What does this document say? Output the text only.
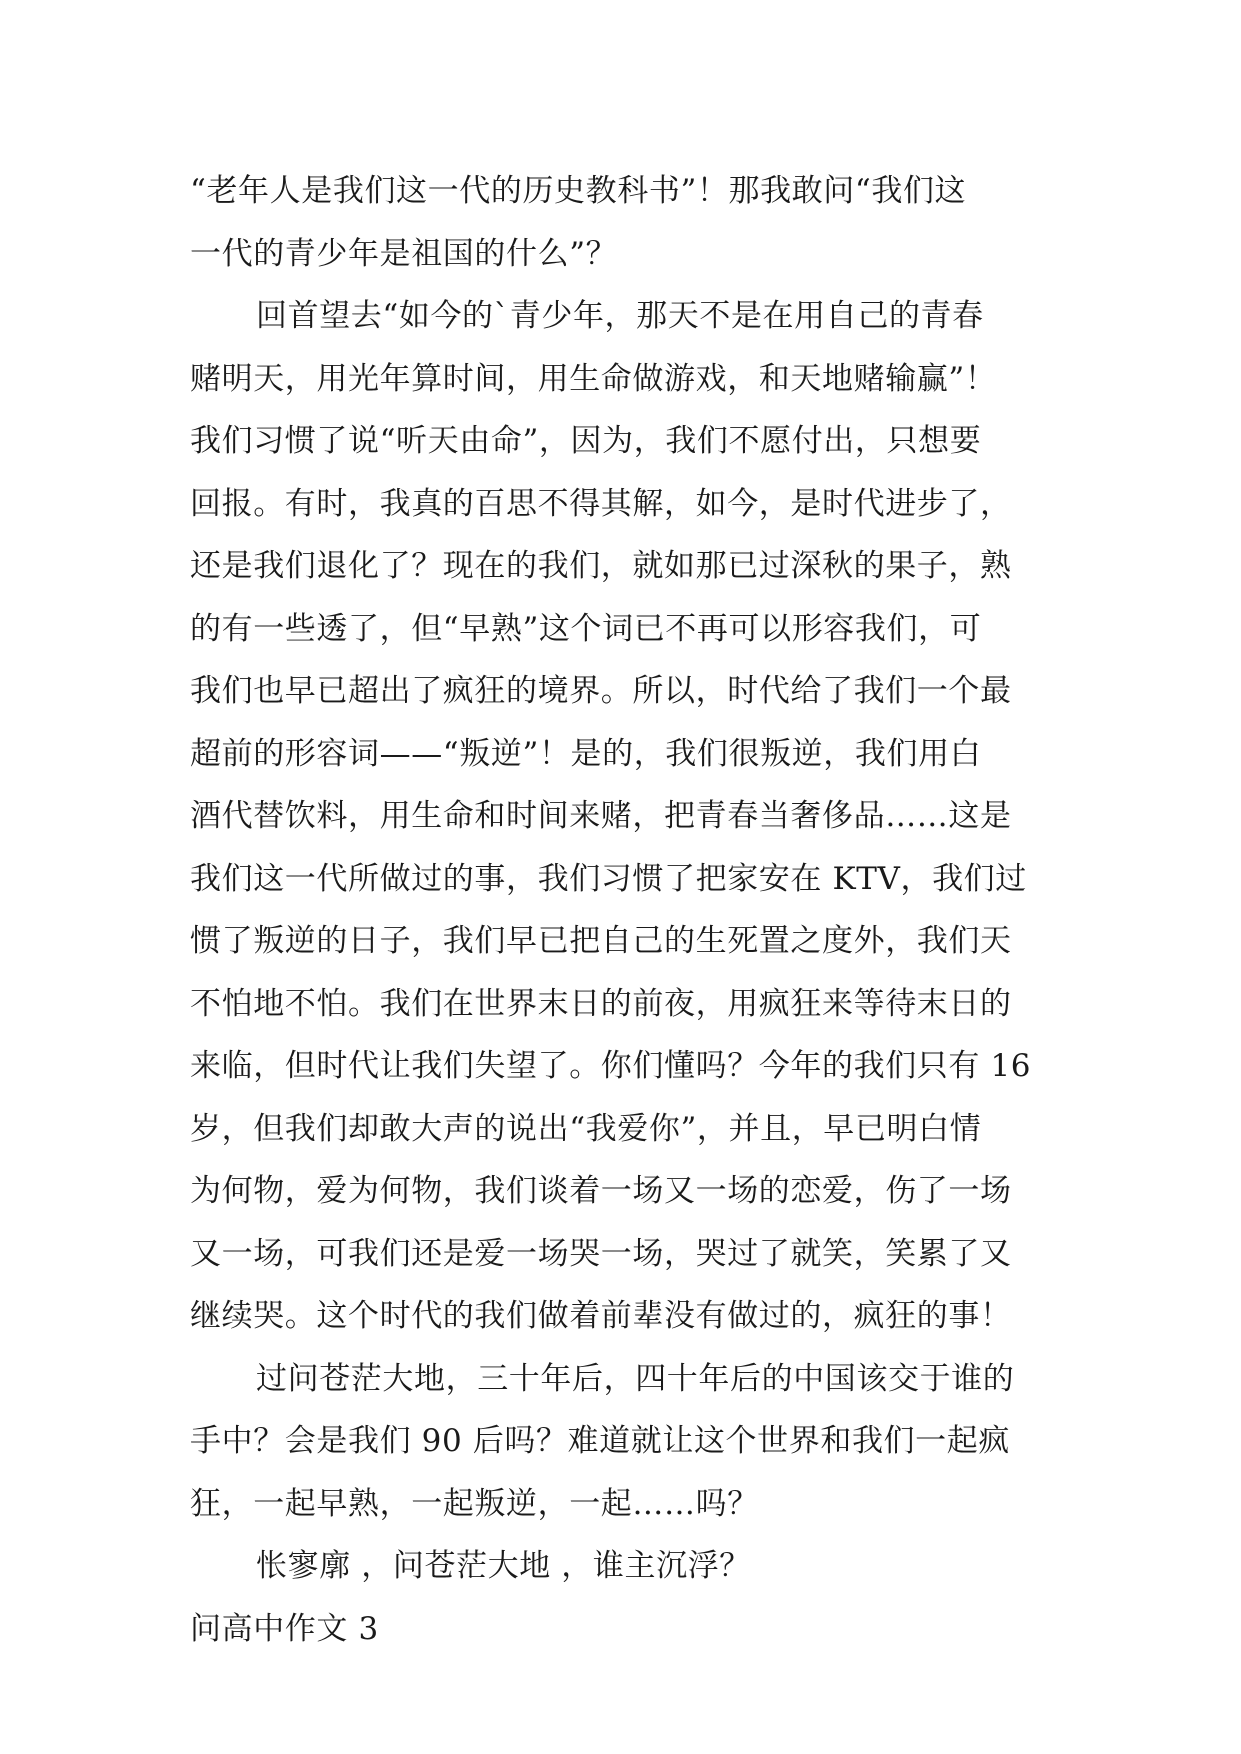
“老年人是我们这一代的历史教科书”！那我敢问“我们这
一代的青少年是祖国的什么”？
回首望去“如今的`青少年，那天不是在用自己的青春
赌明天，用光年算时间，用生命做游戏，和天地赌输赢”！
我们习惯了说“听天由命”，因为，我们不愿付出，只想要
回报。有时，我真的百思不得其解，如今，是时代进步了，
还是我们退化了？现在的我们，就如那已过深秋的果子，熟
的有一些透了，但“早熟”这个词已不再可以形容我们，可
我们也早已超出了疯狂的境界。所以，时代给了我们一个最
超前的形容词——“叛逆”！是的，我们很叛逆，我们用白
酒代替饮料，用生命和时间来赌，把青春当奢侈品……这是
我们这一代所做过的事，我们习惯了把家安在 KTV，我们过
惯了叛逆的日子，我们早已把自己的生死置之度外，我们天
不怕地不怕。我们在世界末日的前夜，用疯狂来等待末日的
来临，但时代让我们失望了。你们懂吗？今年的我们只有 16
岁，但我们却敢大声的说出“我爱你”，并且，早已明白情
为何物，爱为何物，我们谈着一场又一场的恋爱，伤了一场
又一场，可我们还是爱一场哭一场，哭过了就笑，笑累了又
继续哭。这个时代的我们做着前辈没有做过的，疯狂的事！
过问苍茫大地，三十年后，四十年后的中国该交于谁的
手中？会是我们 90 后吗？难道就让这个世界和我们一起疯
狂，一起早熟，一起叛逆，一起……吗？
怅寥廓 ，问苍茫大地 ，谁主沉浮？
问高中作文 3
